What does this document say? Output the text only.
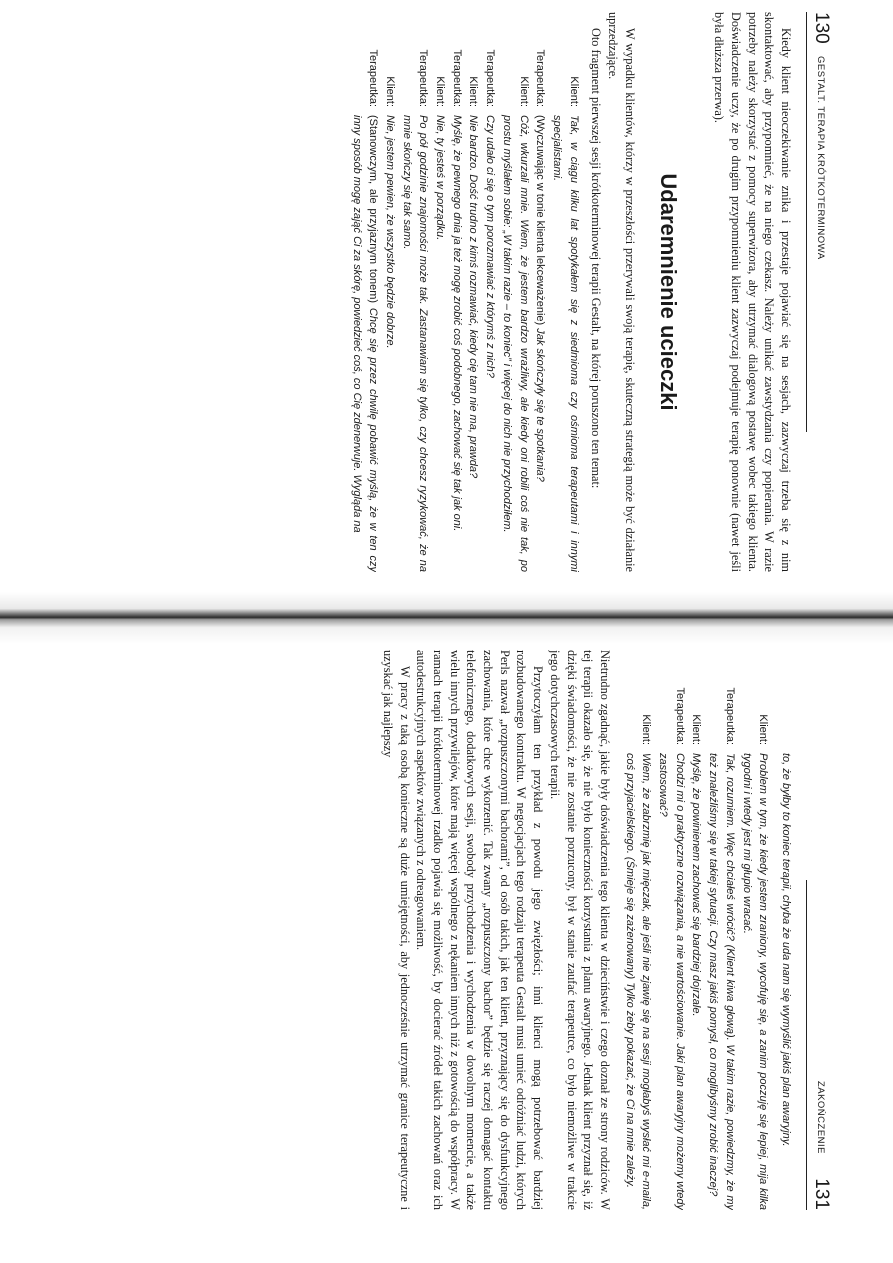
130
GESTALT. TERAPIA KRÓTKOTERMINOWA

Kiedy klient nieoczekiwanie znika i przestaje pojawiać się na sesjach, zazwyczaj trzeba się z nim skontaktować, aby przypomnieć, że na niego czekasz. Należy unikać zawstydzania czy popierania. W razie potrzeby należy skorzystać z pomocy superwizora, aby utrzymać dialogową postawę wobec takiego klienta. Doświadczenie uczy, że po drugim przypomnieniu klient zazwyczaj podejmuje terapię ponownie (nawet jeśli była dłuższa przerwa).

Udaremnienie ucieczki

W wypadku klientów, którzy w przeszłości przerywali swoją terapię, skuteczną strategią może być działanie uprzedzające.

Oto fragment pierwszej sesji krótkoterminowej terapii Gestalt, na której poruszono ten temat:

Klient:
Tak, w ciągu kilku lat spotykałem się z siedmioma czy ośmioma terapeutami i innymi specjalistami.
Terapeutka:
(Wyczuwając w tonie klienta lekceważenie) Jak skończyły się te spotkania?
Klient:
Cóż, wkurzali mnie. Wiem, że jestem bardzo wrażliwy, ale kiedy oni robili coś nie tak, po prostu myślałem sobie: „W takim razie – to koniec” i więcej do nich nie przychodziłem.
Terapeutka:
Czy udało ci się o tym porozmawiać z którymś z nich?
Klient:
Nie bardzo. Dość trudno z kimś rozmawiać, kiedy cię tam nie ma, prawda?
Terapeutka:
Myślę, że pewnego dnia ja też mogę zrobić coś podobnego, zachować się tak jak oni.
Klient:
Nie, ty jesteś w porządku.
Terapeutka:
Po pół godzinie znajomości może tak. Zastanawiam się tylko, czy chcesz ryzykować, że na mnie skończy się tak samo.
Klient:
Nie, jestem pewien, że wszystko będzie dobrze.
Terapeutka:
(Stanowczym, ale przyjaznym tonem) Chcę się przez chwilę pobawić myślą, że w ten czy inny sposób mogę zająć Ci za skórę, powiedzieć coś, co Cię zdenerwuje. Wygląda na
ZAKOŃCZENIE
131

to, że byłby to koniec terapii, chyba że uda nam się wymyślić jakiś plan awaryjny.

Klient:
Problem w tym, że kiedy jestem zraniony, wycofuję się, a zanim poczuję się lepiej, mija kilka tygodni i wtedy jest mi głupio wracać.
Terapeutka:
Tak, rozumiem. Więc chciałeś wrócić? (Klient kiwa głową). W takim razie, powiedzmy, że my też znaleźliśmy się w takiej sytuacji. Czy masz jakiś pomysł, co moglibyśmy zrobić inaczej?
Klient:
Myślę, że powinienem zachować się bardziej dojrzale.
Terapeutka:
Chodzi mi o praktyczne rozwiązania, a nie wartościowanie. Jaki plan awaryjny możemy wtedy zastosować?
Klient:
Wiem, że zabrzmię jak mięczak, ale jeśli nie zjawię się na sesji mogłabyś wysłać mi e-maila, coś przyjacielskiego. (Śmieje się zażenowany) Tylko żeby pokazać, że Ci na mnie zależy.

Nietrudno zgadnąć, jakie były doświadczenia tego klienta w dzieciństwie i czego doznał ze strony rodziców. W tej terapii okazało się, że nie było konieczności korzystania z planu awaryjnego. Jednak klient przyznał się, iż dzięki świadomości, że nie zostanie porzucony, był w stanie zaufać terapeutce, co było niemożliwe w trakcie jego dotychczasowych terapii.

Przytoczyłam ten przykład z powodu jego zwięzłości; inni klienci mogą potrzebować bardziej rozbudowanego kontraktu. W negocjacjach tego rodzaju terapeuta Gestalt musi umieć odróżniać ludzi, których Perls nazwał „rozpuszczonymi bachorami”, od osób takich, jak ten klient, przyznający się do dysfunkcyjnego zachowania, które chce wykorzenić. Tak zwany „rozpuszczony bachor” będzie się raczej domagać kontaktu telefonicznego, dodatkowych sesji, swobody przychodzenia i wychodzenia w dowolnym momencie, a także wielu innych przywilejów, które mają więcej wspólnego z nękaniem innych niż z gotowością do współpracy. W ramach terapii krótkoterminowej rzadko pojawia się możliwość, by docierać źródeł takich zachowań oraz ich autodestrukcyjnych aspektów związanych z odreagowaniem.

W pracy z taką osobą konieczne są duże umiejętności, aby jednocześnie utrzymać granice terapeutyczne i uzyskać jak najlepszy
